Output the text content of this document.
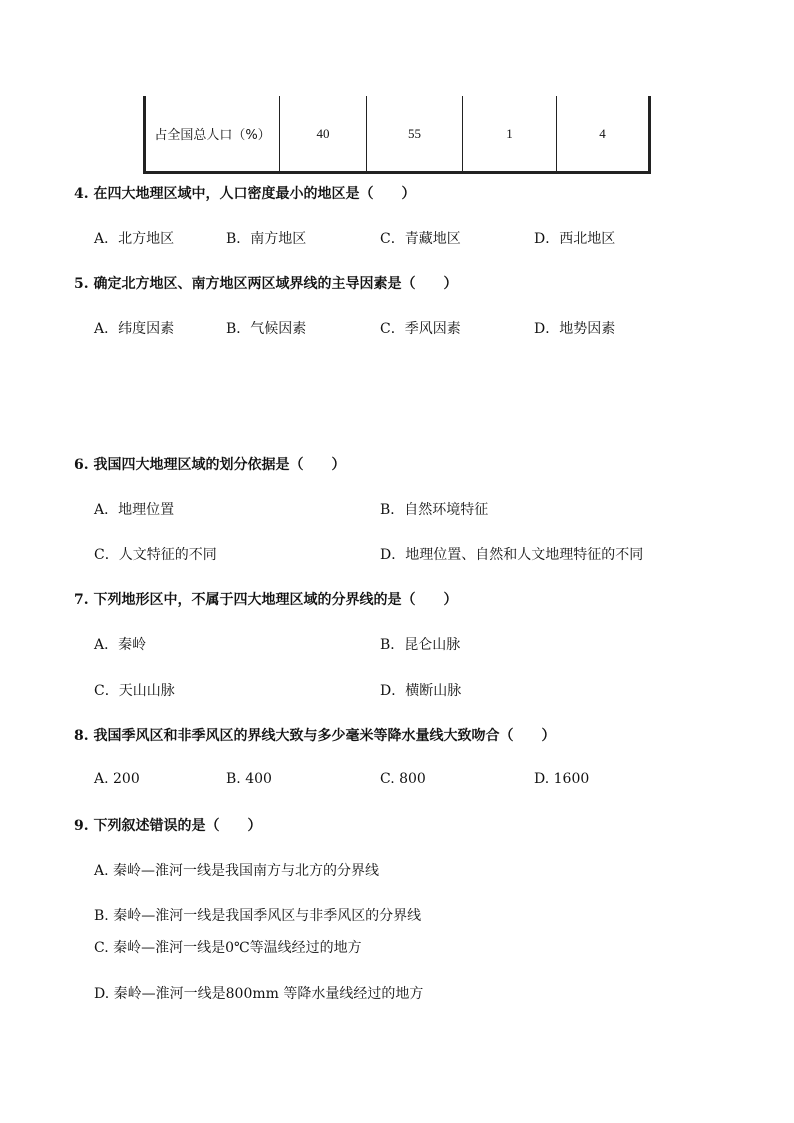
占全国总人口（%）	40	55	1	4
4. 在四大地理区域中，人口密度最小的地区是（　　）
A．北方地区	B．南方地区	C．青藏地区	D．西北地区
5. 确定北方地区、南方地区两区域界线的主导因素是（　　）
A．纬度因素	B．气候因素	C．季风因素	D．地势因素
6. 我国四大地理区域的划分依据是（　　）
A．地理位置	B．自然环境特征
C．人文特征的不同	D．地理位置、自然和人文地理特征的不同
7. 下列地形区中，不属于四大地理区域的分界线的是（　　）
A．秦岭	B．昆仑山脉
C．天山山脉	D．横断山脉
8. 我国季风区和非季风区的界线大致与多少毫米等降水量线大致吻合（　　）
A. 200	B. 400	C. 800	D. 1600
9. 下列叙述错误的是（　　）
A. 秦岭—淮河一线是我国南方与北方的分界线
B. 秦岭—淮河一线是我国季风区与非季风区的分界线
C. 秦岭—淮河一线是0℃等温线经过的地方
D. 秦岭—淮河一线是800mm 等降水量线经过的地方
